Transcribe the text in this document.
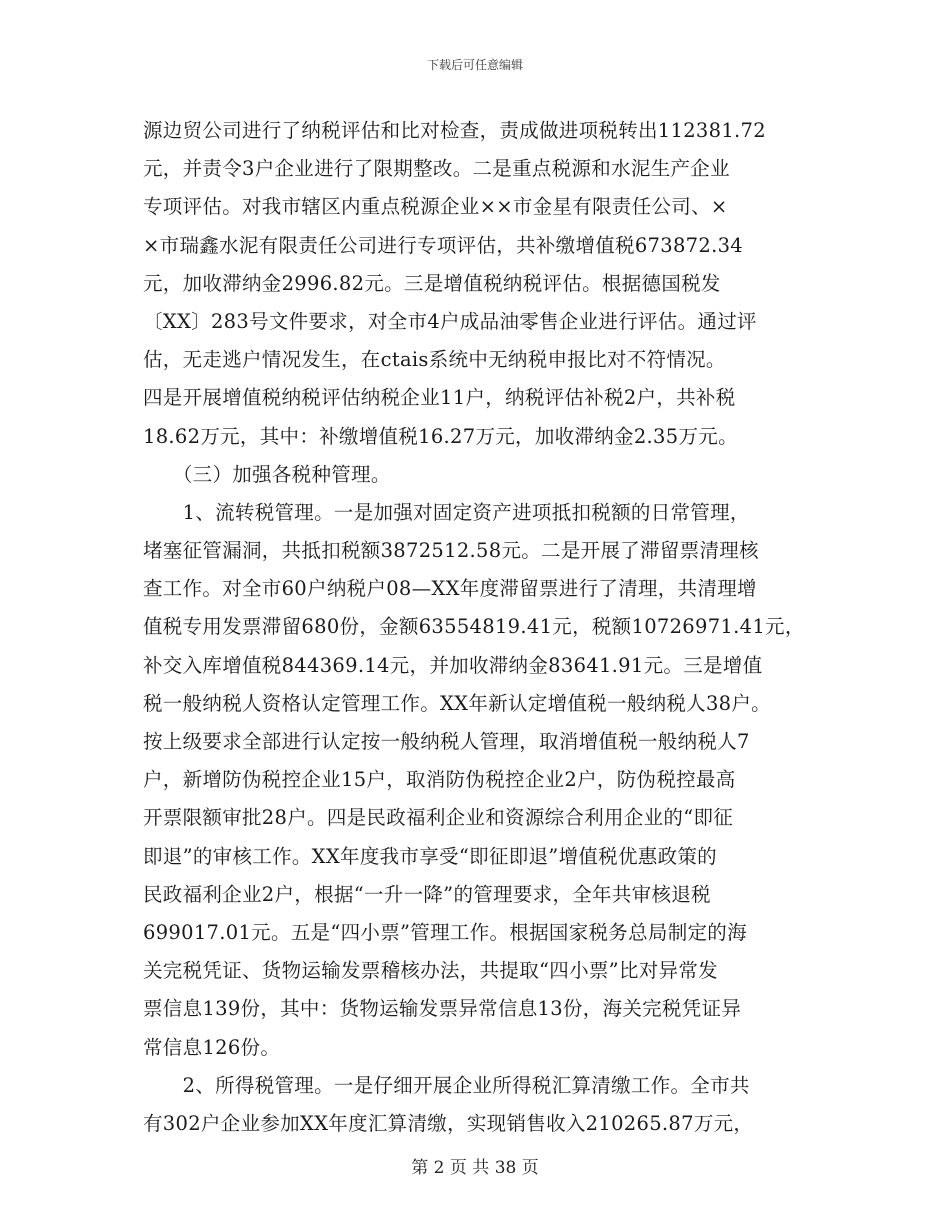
下载后可任意编辑
源边贸公司进行了纳税评估和比对检查，责成做进项税转出112381.72
元，并责令3户企业进行了限期整改。二是重点税源和水泥生产企业
专项评估。对我市辖区内重点税源企业××市金星有限责任公司、×
×市瑞鑫水泥有限责任公司进行专项评估，共补缴增值税673872.34
元，加收滞纳金2996.82元。三是增值税纳税评估。根据德国税发
〔XX〕283号文件要求，对全市4户成品油零售企业进行评估。通过评
估，无走逃户情况发生，在ctais系统中无纳税申报比对不符情况。
四是开展增值税纳税评估纳税企业11户，纳税评估补税2户，共补税
18.62万元，其中：补缴增值税16.27万元，加收滞纳金2.35万元。
　　（三）加强各税种管理。
　　1、流转税管理。一是加强对固定资产进项抵扣税额的日常管理，
堵塞征管漏洞，共抵扣税额3872512.58元。二是开展了滞留票清理核
查工作。对全市60户纳税户08—XX年度滞留票进行了清理，共清理增
值税专用发票滞留680份，金额63554819.41元，税额10726971.41元，
补交入库增值税844369.14元，并加收滞纳金83641.91元。三是增值
税一般纳税人资格认定管理工作。XX年新认定增值税一般纳税人38户。
按上级要求全部进行认定按一般纳税人管理，取消增值税一般纳税人7
户，新增防伪税控企业15户，取消防伪税控企业2户，防伪税控最高
开票限额审批28户。四是民政福利企业和资源综合利用企业的“即征
即退”的审核工作。XX年度我市享受“即征即退”增值税优惠政策的
民政福利企业2户，根据“一升一降”的管理要求，全年共审核退税
699017.01元。五是“四小票”管理工作。根据国家税务总局制定的海
关完税凭证、货物运输发票稽核办法，共提取“四小票”比对异常发
票信息139份，其中：货物运输发票异常信息13份，海关完税凭证异
常信息126份。
　　2、所得税管理。一是仔细开展企业所得税汇算清缴工作。全市共
有302户企业参加XX年度汇算清缴，实现销售收入210265.87万元，
第 2 页 共 38 页
